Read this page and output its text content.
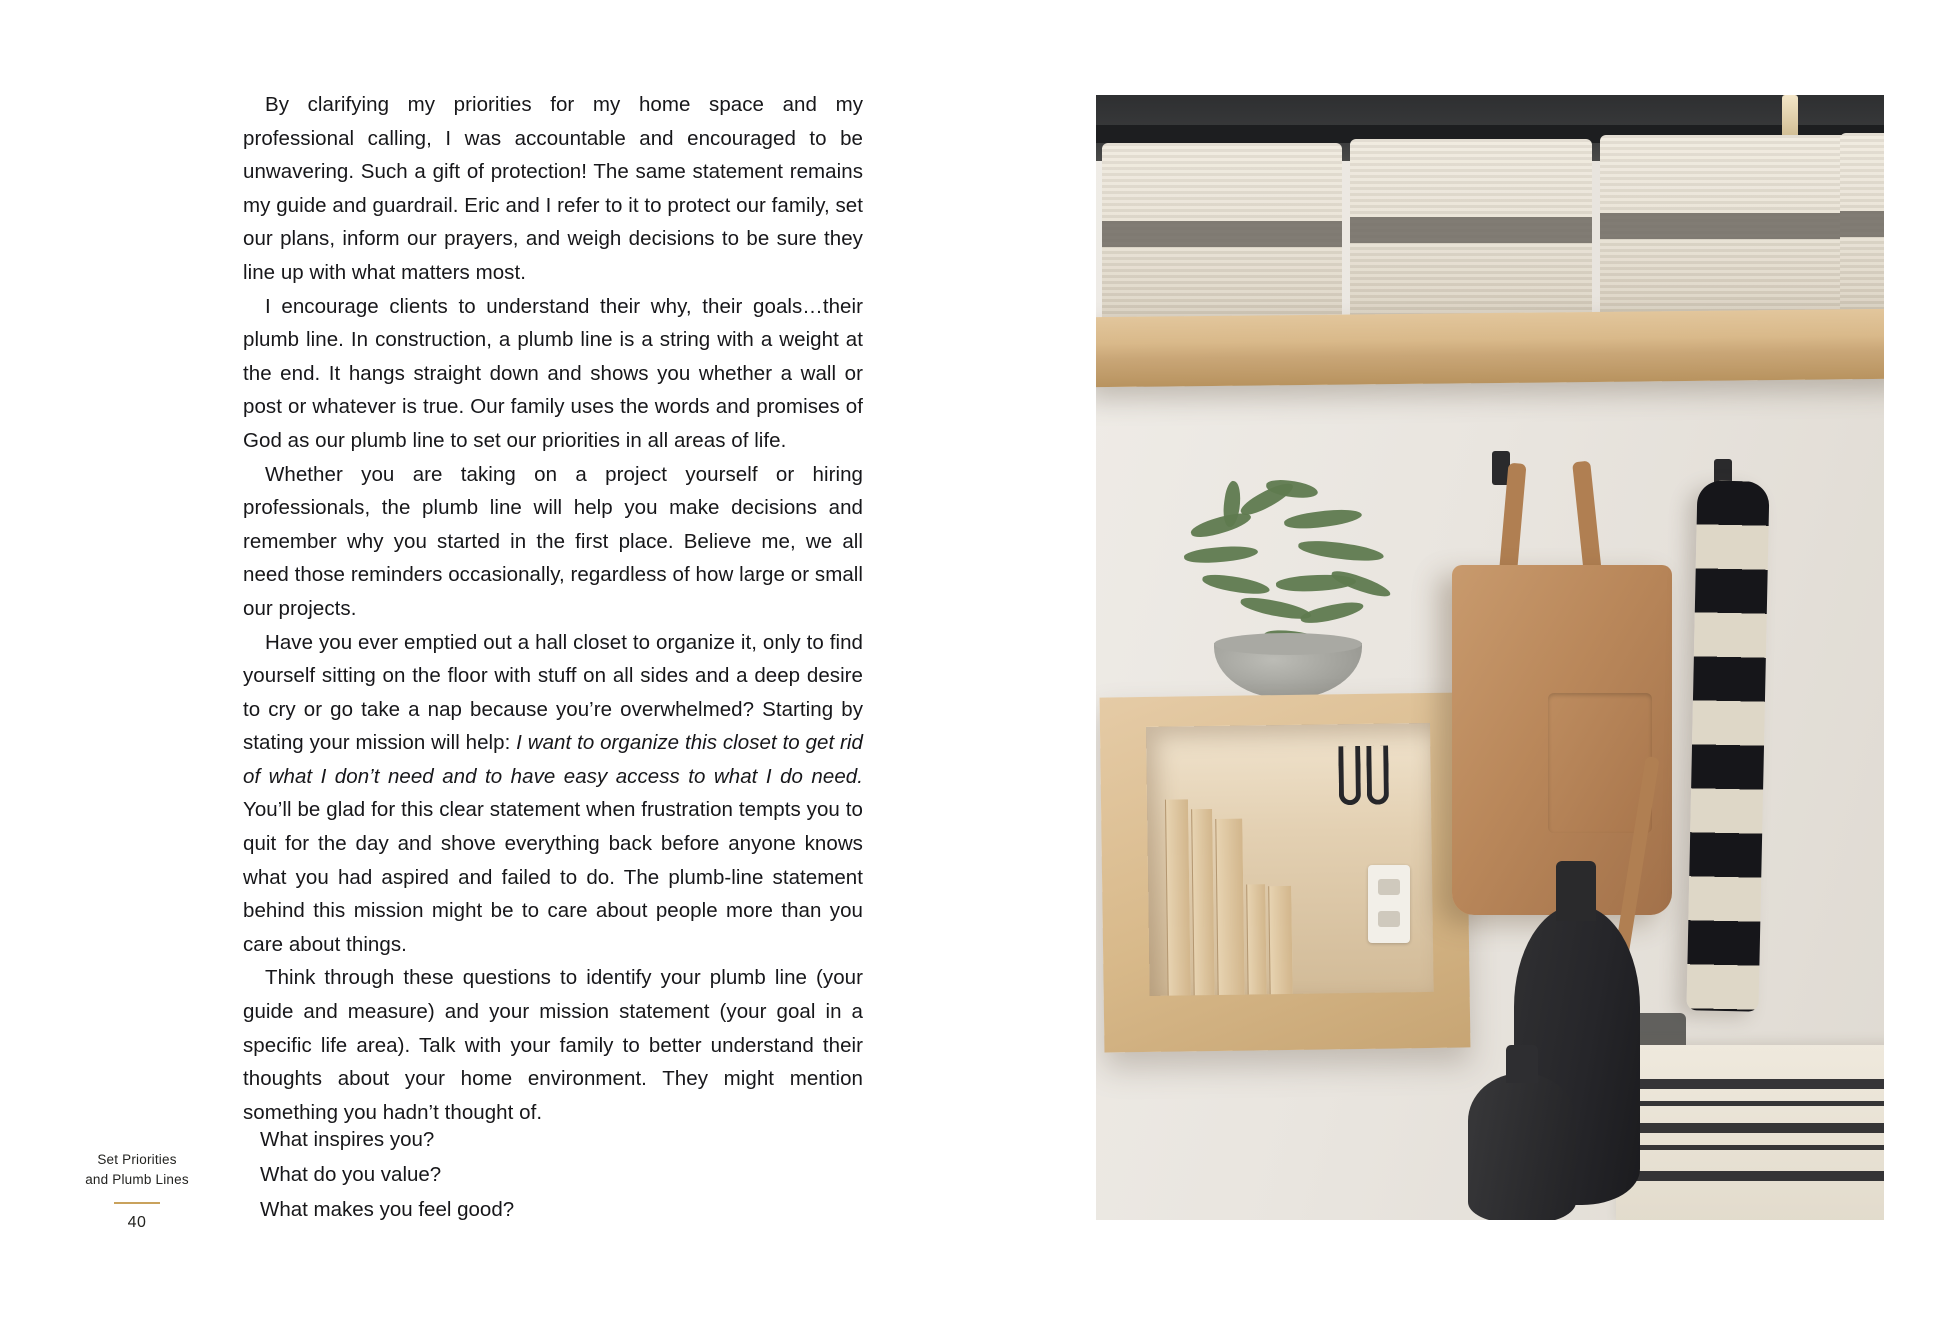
By clarifying my priorities for my home space and my professional calling, I was accountable and encouraged to be unwavering. Such a gift of protection! The same statement remains my guide and guardrail. Eric and I refer to it to protect our family, set our plans, inform our prayers, and weigh decisions to be sure they line up with what matters most.

I encourage clients to understand their why, their goals…their plumb line. In construction, a plumb line is a string with a weight at the end. It hangs straight down and shows you whether a wall or post or whatever is true. Our family uses the words and promises of God as our plumb line to set our priorities in all areas of life.

Whether you are taking on a project yourself or hiring professionals, the plumb line will help you make decisions and remember why you started in the first place. Believe me, we all need those reminders occasionally, regardless of how large or small our projects.

Have you ever emptied out a hall closet to organize it, only to find yourself sitting on the floor with stuff on all sides and a deep desire to cry or go take a nap because you’re overwhelmed? Starting by stating your mission will help: I want to organize this closet to get rid of what I don’t need and to have easy access to what I do need. You’ll be glad for this clear statement when frustration tempts you to quit for the day and shove everything back before anyone knows what you had aspired and failed to do. The plumb-line statement behind this mission might be to care about people more than you care about things.

Think through these questions to identify your plumb line (your guide and measure) and your mission statement (your goal in a specific life area). Talk with your family to better understand their thoughts about your home environment. They might mention something you hadn’t thought of.

What inspires you?
What do you value?
What makes you feel good?
Set Priorities
and Plumb Lines
40
